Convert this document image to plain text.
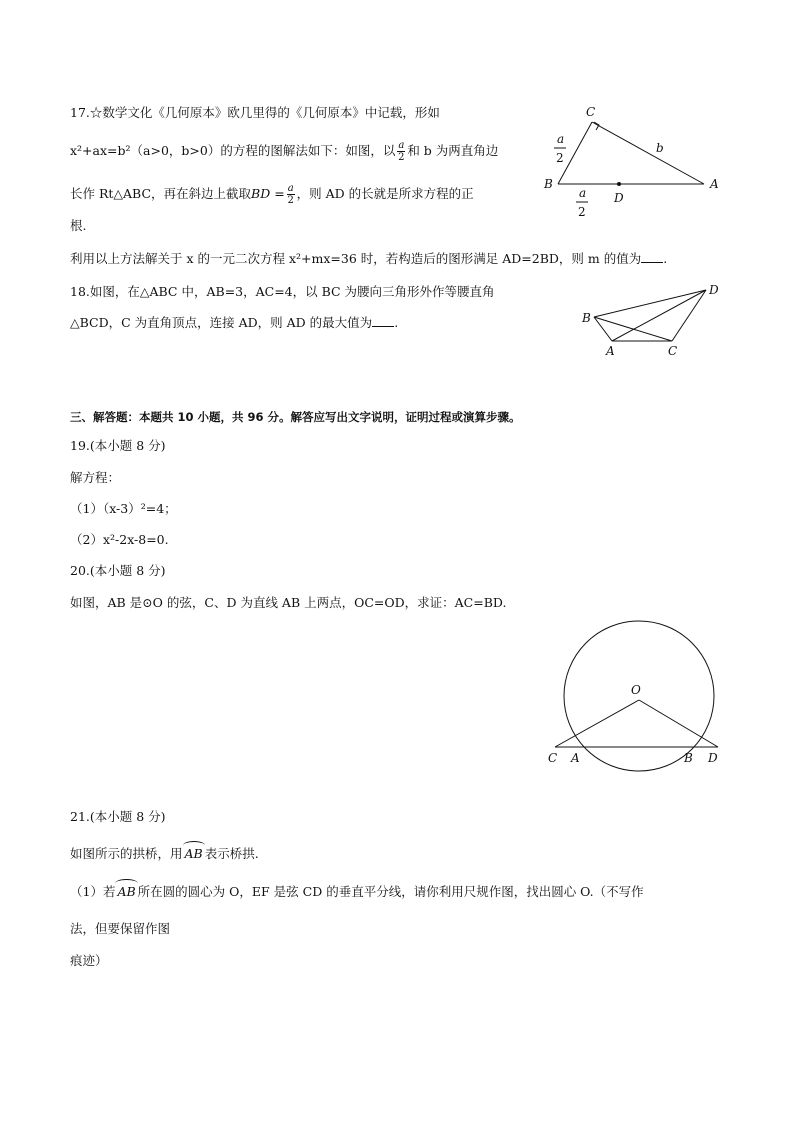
17.☆数学文化《几何原本》欧几里得的《几何原本》中记载，形如
x²+ax=b²（a>0，b>0）的方程的图解法如下：如图，以 $\frac{a}{2}$ 和 b 为两直角边
长作 Rt△ABC，再在斜边上截取BD = $\frac{a}{2}$ ，则 AD 的长就是所求方程的正
根.
利用以上方法解关于 x 的一元二次方程 x²+mx=36 时，若构造后的图形满足 AD=2BD，则 m 的值为 .
C
B	A
D
a
2
a
2
b
18.如图，在△ABC 中，AB=3，AC=4，以 BC 为腰向三角形外作等腰直角
△BCD，C 为直角顶点，连接 AD，则 AD 的最大值为 .	B
A	C
D
三、解答题：本题共 10 小题，共 96 分。解答应写出文字说明，证明过程或演算步骤。
19.(本小题 8 分)
解方程：
（1）（x-3）²=4；
（2）x²-2x-8=0.
20.(本小题 8 分)
如图，AB 是⊙O 的弦，C、D 为直线 AB 上两点，OC=OD，求证：AC=BD.
O
C A	B D
21.(本小题 8 分)
如图所示的拱桥，用 AB 表示桥拱.
（1）若 AB 所在圆的圆心为 O，EF 是弦 CD 的垂直平分线，请你利用尺规作图，找出圆心 O.（不写作
法，但要保留作图
痕迹）
